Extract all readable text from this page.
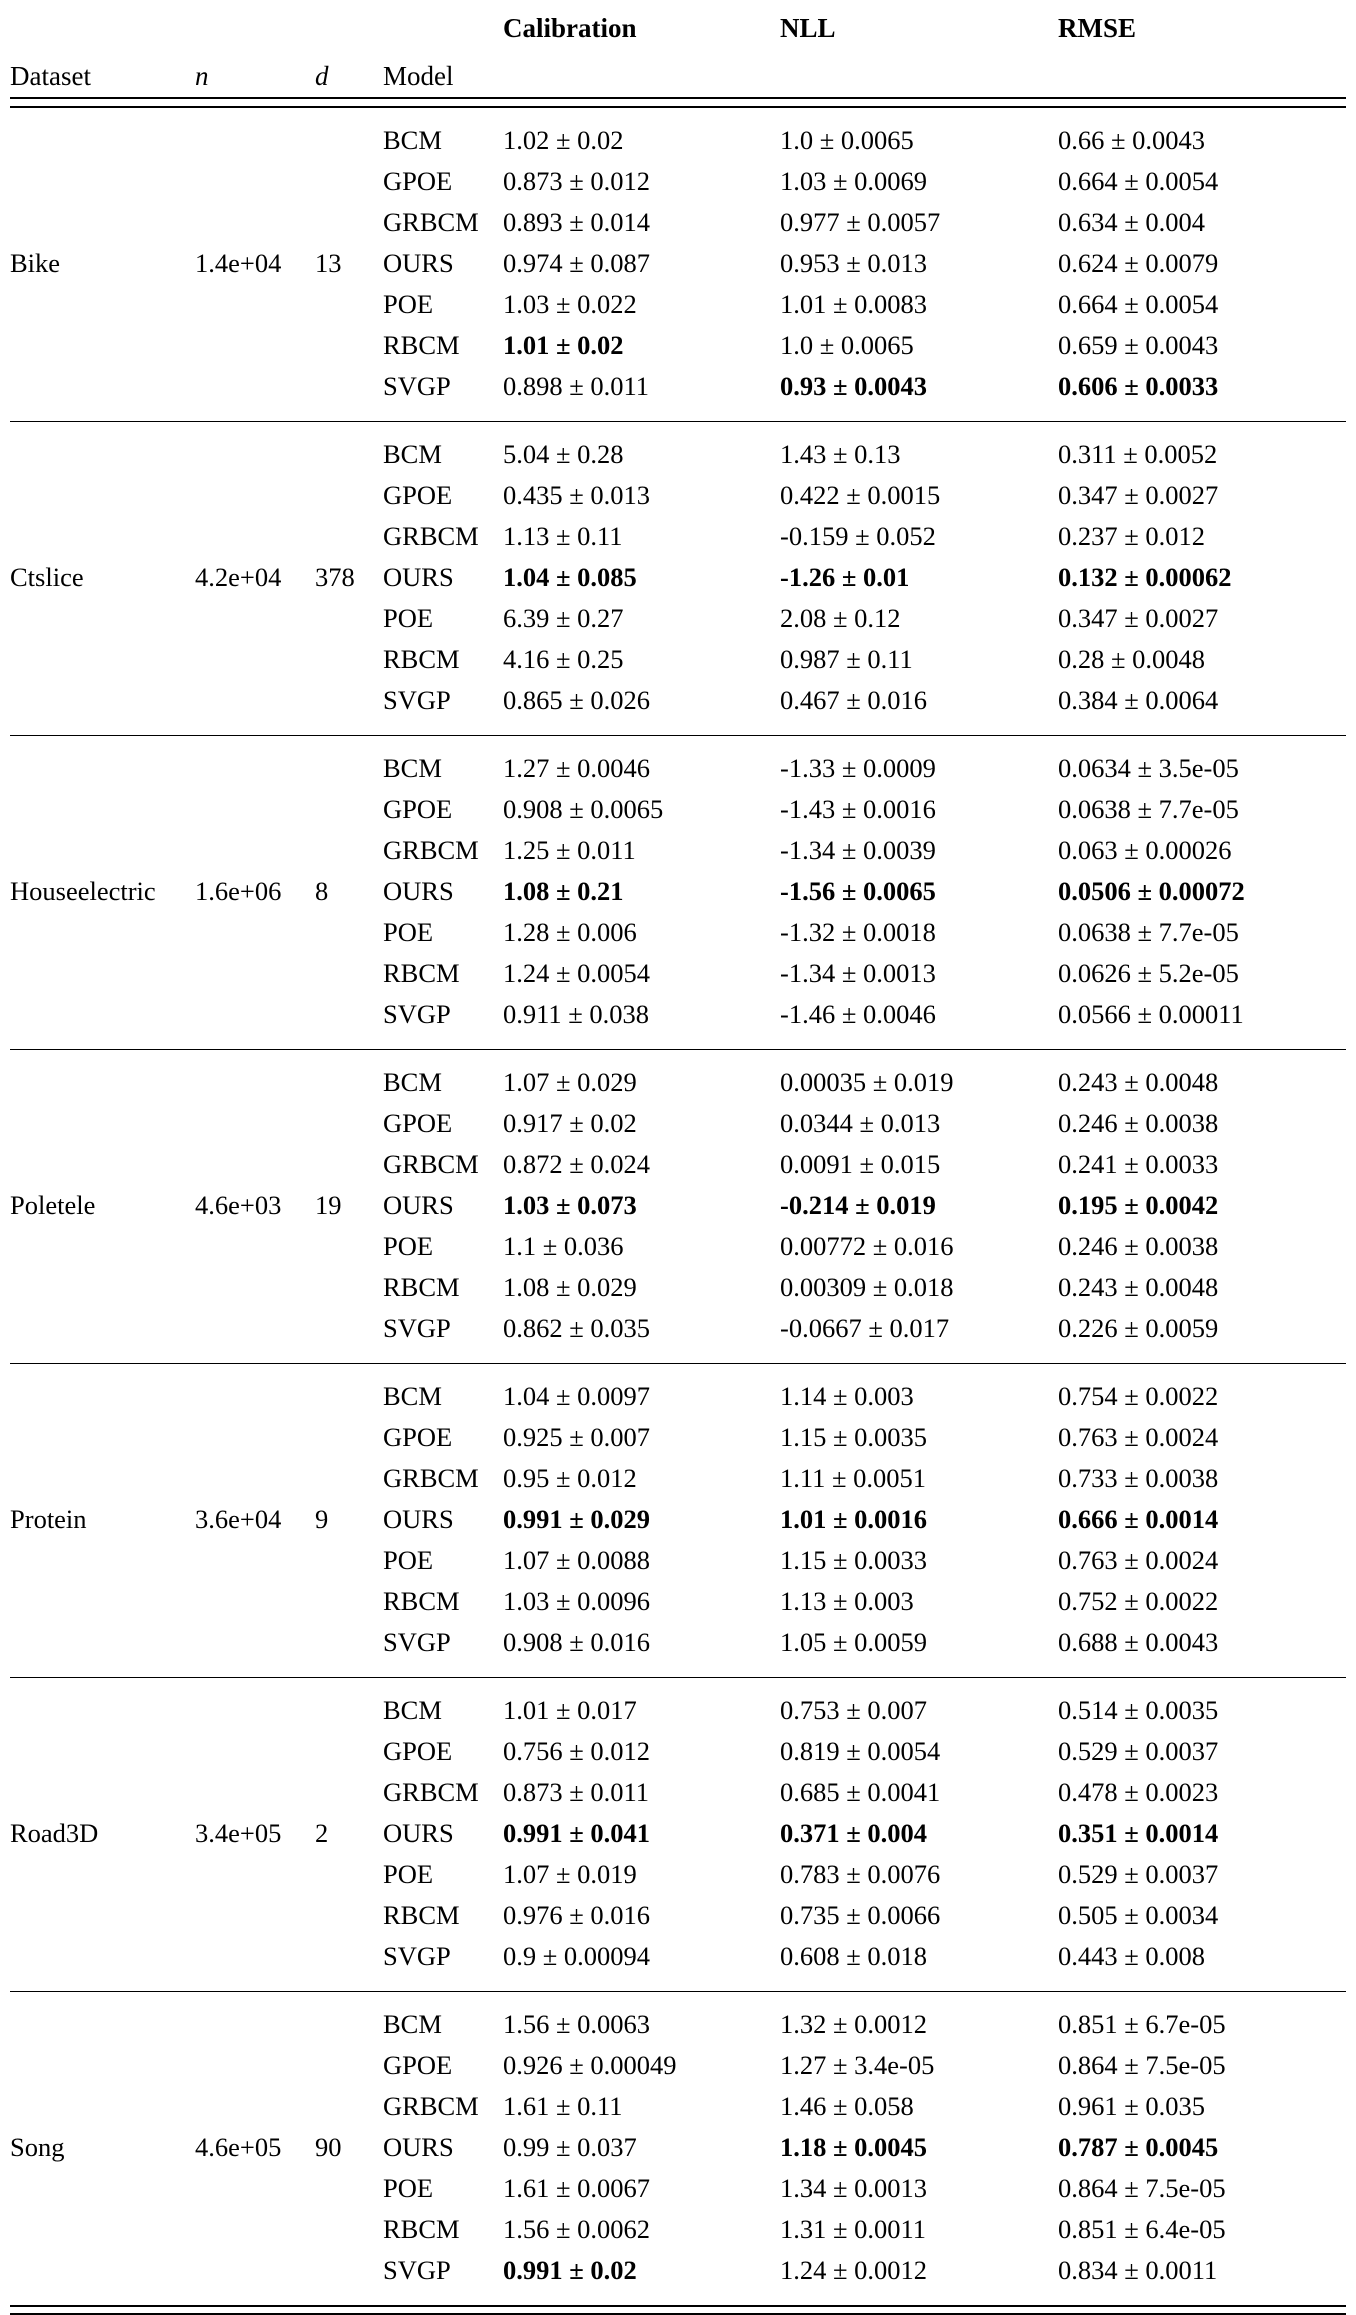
				Calibration	NLL	RMSE
Dataset	n	d	Model			

Bike	1.4e+04	13	BCM	1.02 ± 0.02	1.0 ± 0.0065	0.66 ± 0.0043
			GPOE	0.873 ± 0.012	1.03 ± 0.0069	0.664 ± 0.0054
			GRBCM	0.893 ± 0.014	0.977 ± 0.0057	0.634 ± 0.004
			OURS	0.974 ± 0.087	0.953 ± 0.013	0.624 ± 0.0079
			POE	1.03 ± 0.022	1.01 ± 0.0083	0.664 ± 0.0054
			RBCM	1.01 ± 0.02	1.0 ± 0.0065	0.659 ± 0.0043
			SVGP	0.898 ± 0.011	0.93 ± 0.0043	0.606 ± 0.0033

Ctslice	4.2e+04	378	BCM	5.04 ± 0.28	1.43 ± 0.13	0.311 ± 0.0052
			GPOE	0.435 ± 0.013	0.422 ± 0.0015	0.347 ± 0.0027
			GRBCM	1.13 ± 0.11	-0.159 ± 0.052	0.237 ± 0.012
			OURS	1.04 ± 0.085	-1.26 ± 0.01	0.132 ± 0.00062
			POE	6.39 ± 0.27	2.08 ± 0.12	0.347 ± 0.0027
			RBCM	4.16 ± 0.25	0.987 ± 0.11	0.28 ± 0.0048
			SVGP	0.865 ± 0.026	0.467 ± 0.016	0.384 ± 0.0064

Houseelectric	1.6e+06	8	BCM	1.27 ± 0.0046	-1.33 ± 0.0009	0.0634 ± 3.5e-05
			GPOE	0.908 ± 0.0065	-1.43 ± 0.0016	0.0638 ± 7.7e-05
			GRBCM	1.25 ± 0.011	-1.34 ± 0.0039	0.063 ± 0.00026
			OURS	1.08 ± 0.21	-1.56 ± 0.0065	0.0506 ± 0.00072
			POE	1.28 ± 0.006	-1.32 ± 0.0018	0.0638 ± 7.7e-05
			RBCM	1.24 ± 0.0054	-1.34 ± 0.0013	0.0626 ± 5.2e-05
			SVGP	0.911 ± 0.038	-1.46 ± 0.0046	0.0566 ± 0.00011

Poletele	4.6e+03	19	BCM	1.07 ± 0.029	0.00035 ± 0.019	0.243 ± 0.0048
			GPOE	0.917 ± 0.02	0.0344 ± 0.013	0.246 ± 0.0038
			GRBCM	0.872 ± 0.024	0.0091 ± 0.015	0.241 ± 0.0033
			OURS	1.03 ± 0.073	-0.214 ± 0.019	0.195 ± 0.0042
			POE	1.1 ± 0.036	0.00772 ± 0.016	0.246 ± 0.0038
			RBCM	1.08 ± 0.029	0.00309 ± 0.018	0.243 ± 0.0048
			SVGP	0.862 ± 0.035	-0.0667 ± 0.017	0.226 ± 0.0059

Protein	3.6e+04	9	BCM	1.04 ± 0.0097	1.14 ± 0.003	0.754 ± 0.0022
			GPOE	0.925 ± 0.007	1.15 ± 0.0035	0.763 ± 0.0024
			GRBCM	0.95 ± 0.012	1.11 ± 0.0051	0.733 ± 0.0038
			OURS	0.991 ± 0.029	1.01 ± 0.0016	0.666 ± 0.0014
			POE	1.07 ± 0.0088	1.15 ± 0.0033	0.763 ± 0.0024
			RBCM	1.03 ± 0.0096	1.13 ± 0.003	0.752 ± 0.0022
			SVGP	0.908 ± 0.016	1.05 ± 0.0059	0.688 ± 0.0043

Road3D	3.4e+05	2	BCM	1.01 ± 0.017	0.753 ± 0.007	0.514 ± 0.0035
			GPOE	0.756 ± 0.012	0.819 ± 0.0054	0.529 ± 0.0037
			GRBCM	0.873 ± 0.011	0.685 ± 0.0041	0.478 ± 0.0023
			OURS	0.991 ± 0.041	0.371 ± 0.004	0.351 ± 0.0014
			POE	1.07 ± 0.019	0.783 ± 0.0076	0.529 ± 0.0037
			RBCM	0.976 ± 0.016	0.735 ± 0.0066	0.505 ± 0.0034
			SVGP	0.9 ± 0.00094	0.608 ± 0.018	0.443 ± 0.008

Song	4.6e+05	90	BCM	1.56 ± 0.0063	1.32 ± 0.0012	0.851 ± 6.7e-05
			GPOE	0.926 ± 0.00049	1.27 ± 3.4e-05	0.864 ± 7.5e-05
			GRBCM	1.61 ± 0.11	1.46 ± 0.058	0.961 ± 0.035
			OURS	0.99 ± 0.037	1.18 ± 0.0045	0.787 ± 0.0045
			POE	1.61 ± 0.0067	1.34 ± 0.0013	0.864 ± 7.5e-05
			RBCM	1.56 ± 0.0062	1.31 ± 0.0011	0.851 ± 6.4e-05
			SVGP	0.991 ± 0.02	1.24 ± 0.0012	0.834 ± 0.0011
